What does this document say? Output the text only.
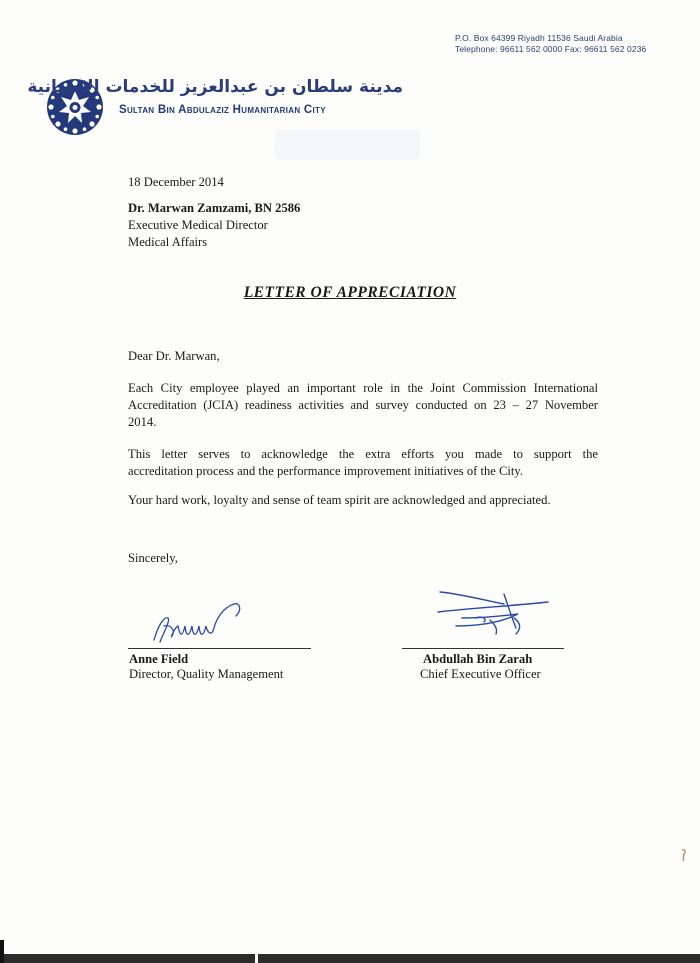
P.O. Box 64399 Riyadh 11536 Saudi Arabia
Telephone: 96611 562 0000 Fax: 96611 562 0236
مدينة سلطان بن عبدالعزيز للخدمات الإنسانية
Sultan Bin Abdulaziz Humanitarian City
18 December 2014
Dr. Marwan Zamzami, BN 2586
Executive Medical Director
Medical Affairs
LETTER OF APPRECIATION
Dear Dr. Marwan,
Each City employee played an important role in the Joint Commission International
Accreditation (JCIA) readiness activities and survey conducted on 23 – 27 November
2014.
This letter serves to acknowledge the extra efforts you made to support the
accreditation process and the performance improvement initiatives of the City.
Your hard work, loyalty and sense of team spirit are acknowledged and appreciated.
Sincerely,
Anne Field
Director, Quality Management
Abdullah Bin Zarah
Chief Executive Officer
